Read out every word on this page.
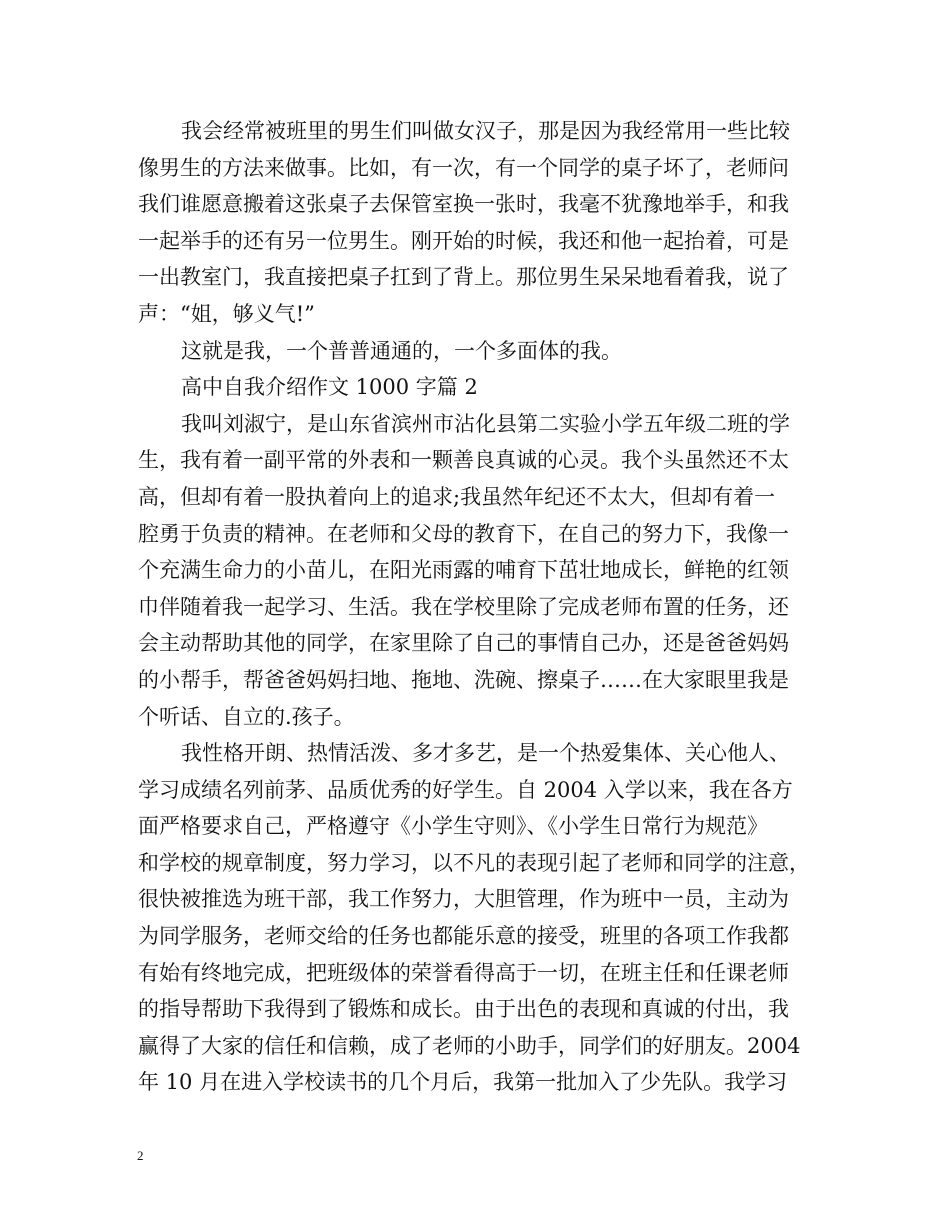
我会经常被班里的男生们叫做女汉子，那是因为我经常用一些比较
像男生的方法来做事。比如，有一次，有一个同学的桌子坏了，老师问
我们谁愿意搬着这张桌子去保管室换一张时，我毫不犹豫地举手，和我
一起举手的还有另一位男生。刚开始的时候，我还和他一起抬着，可是
一出教室门，我直接把桌子扛到了背上。那位男生呆呆地看着我，说了
声：“姐，够义气!”
这就是我，一个普普通通的，一个多面体的我。
高中自我介绍作文 1000 字篇 2
我叫刘淑宁，是山东省滨州市沾化县第二实验小学五年级二班的学
生，我有着一副平常的外表和一颗善良真诚的心灵。我个头虽然还不太
高，但却有着一股执着向上的追求;我虽然年纪还不太大，但却有着一
腔勇于负责的精神。在老师和父母的教育下，在自己的努力下，我像一
个充满生命力的小苗儿，在阳光雨露的哺育下茁壮地成长，鲜艳的红领
巾伴随着我一起学习、生活。我在学校里除了完成老师布置的任务，还
会主动帮助其他的同学，在家里除了自己的事情自己办，还是爸爸妈妈
的小帮手，帮爸爸妈妈扫地、拖地、洗碗、擦桌子……在大家眼里我是
个听话、自立的.孩子。
我性格开朗、热情活泼、多才多艺，是一个热爱集体、关心他人、
学习成绩名列前茅、品质优秀的好学生。自 2004 入学以来，我在各方
面严格要求自己，严格遵守《小学生守则》、《小学生日常行为规范》
和学校的规章制度，努力学习，以不凡的表现引起了老师和同学的注意，
很快被推选为班干部，我工作努力，大胆管理，作为班中一员，主动为
为同学服务，老师交给的任务也都能乐意的接受，班里的各项工作我都
有始有终地完成，把班级体的荣誉看得高于一切，在班主任和任课老师
的指导帮助下我得到了锻炼和成长。由于出色的表现和真诚的付出，我
赢得了大家的信任和信赖，成了老师的小助手，同学们的好朋友。2004
年 10 月在进入学校读书的几个月后，我第一批加入了少先队。我学习
2
